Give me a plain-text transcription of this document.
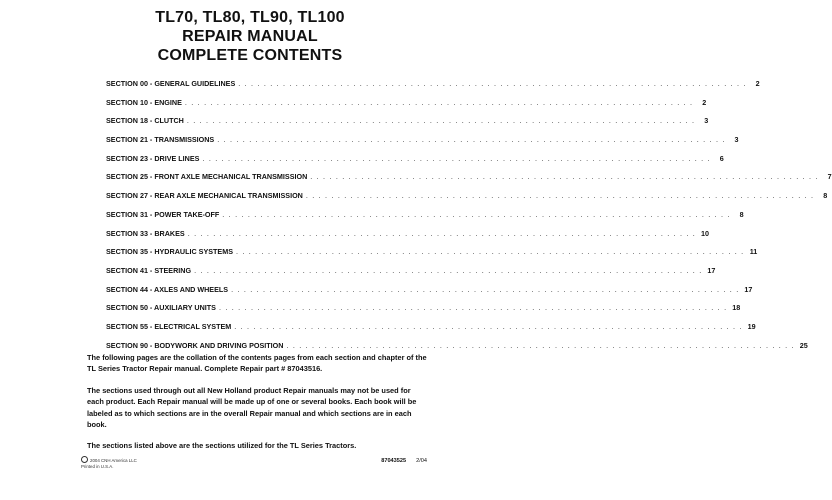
TL70, TL80, TL90, TL100
REPAIR MANUAL
COMPLETE CONTENTS
SECTION 00 - GENERAL GUIDELINES . . . . . . . . . . . . . . . . . . . . . . . . . . . . . . . . . . . . . . . . . . . . . . . . . . . . . . . . . . . . . . . . . . . . . . . . . . . . . . . .	2
SECTION 10 - ENGINE . . . . . . . . . . . . . . . . . . . . . . . . . . . . . . . . . . . . . . . . . . . . . . . . . . . . . . . . . . . . . . . . . . . . . . . . . . . . . . . .	2
SECTION 18 - CLUTCH . . . . . . . . . . . . . . . . . . . . . . . . . . . . . . . . . . . . . . . . . . . . . . . . . . . . . . . . . . . . . . . . . . . . . . . . . . . . . . . .	3
SECTION 21 - TRANSMISSIONS . . . . . . . . . . . . . . . . . . . . . . . . . . . . . . . . . . . . . . . . . . . . . . . . . . . . . . . . . . . . . . . . . . . . . . . . . . . . . . . .	3
SECTION 23 - DRIVE LINES . . . . . . . . . . . . . . . . . . . . . . . . . . . . . . . . . . . . . . . . . . . . . . . . . . . . . . . . . . . . . . . . . . . . . . . . . . . . . . . .	6
SECTION 25 - FRONT AXLE MECHANICAL TRANSMISSION . . . . . . . . . . . . . . . . . . . . . . . . . . . . . . . . . . . . . . . . . . . . . . . . . . . . . . . . . . . . . . . . . . . . . . . . . . . . . . . .	7
SECTION 27 - REAR AXLE MECHANICAL TRANSMISSION . . . . . . . . . . . . . . . . . . . . . . . . . . . . . . . . . . . . . . . . . . . . . . . . . . . . . . . . . . . . . . . . . . . . . . . . . . . . . . . .	8
SECTION 31 - POWER TAKE-OFF . . . . . . . . . . . . . . . . . . . . . . . . . . . . . . . . . . . . . . . . . . . . . . . . . . . . . . . . . . . . . . . . . . . . . . . . . . . . . . . .	8
SECTION 33 - BRAKES . . . . . . . . . . . . . . . . . . . . . . . . . . . . . . . . . . . . . . . . . . . . . . . . . . . . . . . . . . . . . . . . . . . . . . . . . . . . . . . . 10
SECTION 35 - HYDRAULIC SYSTEMS . . . . . . . . . . . . . . . . . . . . . . . . . . . . . . . . . . . . . . . . . . . . . . . . . . . . . . . . . . . . . . . . . . . . . . . . . . . . . . . . 11
SECTION 41 - STEERING . . . . . . . . . . . . . . . . . . . . . . . . . . . . . . . . . . . . . . . . . . . . . . . . . . . . . . . . . . . . . . . . . . . . . . . . . . . . . . . . 17
SECTION 44 - AXLES AND WHEELS . . . . . . . . . . . . . . . . . . . . . . . . . . . . . . . . . . . . . . . . . . . . . . . . . . . . . . . . . . . . . . . . . . . . . . . . . . . . . . . . 17
SECTION 50 - AUXILIARY UNITS . . . . . . . . . . . . . . . . . . . . . . . . . . . . . . . . . . . . . . . . . . . . . . . . . . . . . . . . . . . . . . . . . . . . . . . . . . . . . . . . 18
SECTION 55 - ELECTRICAL SYSTEM . . . . . . . . . . . . . . . . . . . . . . . . . . . . . . . . . . . . . . . . . . . . . . . . . . . . . . . . . . . . . . . . . . . . . . . . . . . . . . . . 19
SECTION 90 - BODYWORK AND DRIVING POSITION . . . . . . . . . . . . . . . . . . . . . . . . . . . . . . . . . . . . . . . . . . . . . . . . . . . . . . . . . . . . . . . . . . . . . . . . . . . . . . . . 25

The following pages are the collation of the contents pages from each section and chapter of the TL Series Tractor Repair manual. Complete Repair part # 87043516.

The sections used through out all New Holland product Repair manuals may not be used for each product. Each Repair manual will be made up of one or several books. Each book will be labeled as to which sections are in the overall Repair manual and which sections are in each book.

The sections listed above are the sections utilized for the TL Series Tractors.

2004 CNH America LLC
Printed in U.S.A.
87043525 2/04
